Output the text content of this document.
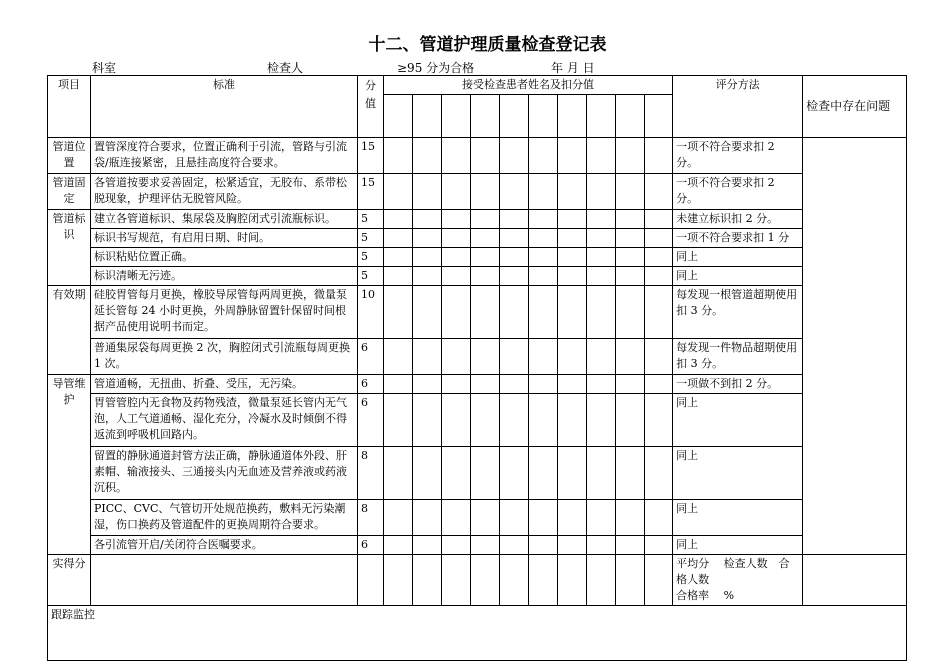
十二、管道护理质量检查登记表
科室	检查人	≥95 分为合格	年 月 日
项目	标准	分值	接受检查患者姓名及扣分值										评分方法	检查中存在问题

管道位置	置管深度符合要求，位置正确利于引流，管路与引流袋/瓶连接紧密，且悬挂高度符合要求。	15											一项不符合要求扣 2 分。	
管道固定	各管道按要求妥善固定，松紧适宜，无胶布、系带松脱现象，护理评估无脱管风险。	15											一项不符合要求扣 2 分。	
管道标识	建立各管道标识、集尿袋及胸腔闭式引流瓶标识。	5											未建立标识扣 2 分。	
	标识书写规范，有启用日期、时间。	5											一项不符合要求扣 1 分	
	标识粘贴位置正确。	5											同上	
	标识清晰无污迹。	5											同上	
有效期	硅胶胃管每月更换，橡胶导尿管每两周更换，微量泵延长管每 24 小时更换，外周静脉留置针保留时间根据产品使用说明书而定。	10											每发现一根管道超期使用扣 3 分。	
	普通集尿袋每周更换 2 次，胸腔闭式引流瓶每周更换 1 次。	6											每发现一件物品超期使用扣 3 分。	
导管维护	管道通畅，无扭曲、折叠、受压，无污染。	6											一项做不到扣 2 分。	
	胃管管腔内无食物及药物残渣，微量泵延长管内无气泡，人工气道通畅、湿化充分，冷凝水及时倾倒不得返流到呼吸机回路内。	6											同上	
	留置的静脉通道封管方法正确，静脉通道体外段、肝素帽、输液接头、三通接头内无血迹及营养液或药液沉积。	8											同上	
	PICC、CVC、气管切开处规范换药，敷料无污染潮湿，伤口换药及管道配件的更换周期符合要求。	8											同上	
	各引流管开启/关闭符合医嘱要求。	6											同上	
实得分													平均分　 检查人数　合格人数
合格率　 %	

跟踪监控														
